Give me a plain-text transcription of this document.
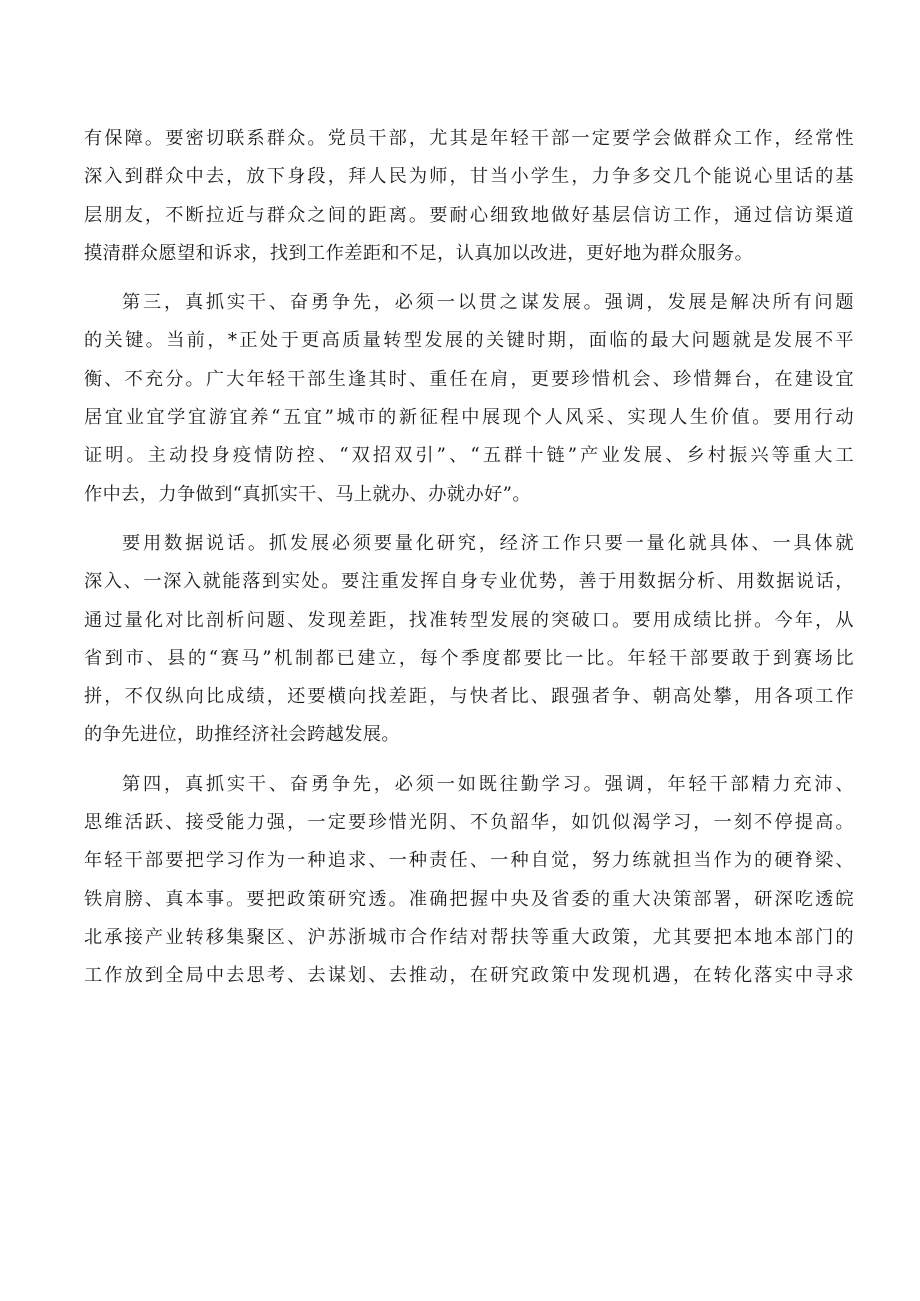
有保障。要密切联系群众。党员干部，尤其是年轻干部一定要学会做群众工作，经常性
深入到群众中去，放下身段，拜人民为师，甘当小学生，力争多交几个能说心里话的基
层朋友，不断拉近与群众之间的距离。要耐心细致地做好基层信访工作，通过信访渠道
摸清群众愿望和诉求，找到工作差距和不足，认真加以改进，更好地为群众服务。
第三，真抓实干、奋勇争先，必须一以贯之谋发展。强调，发展是解决所有问题
的关键。当前，*正处于更高质量转型发展的关键时期，面临的最大问题就是发展不平
衡、不充分。广大年轻干部生逢其时、重任在肩，更要珍惜机会、珍惜舞台，在建设宜
居宜业宜学宜游宜养“五宜”城市的新征程中展现个人风采、实现人生价值。要用行动
证明。主动投身疫情防控、“双招双引”、“五群十链”产业发展、乡村振兴等重大工
作中去，力争做到“真抓实干、马上就办、办就办好”。
要用数据说话。抓发展必须要量化研究，经济工作只要一量化就具体、一具体就
深入、一深入就能落到实处。要注重发挥自身专业优势，善于用数据分析、用数据说话，
通过量化对比剖析问题、发现差距，找准转型发展的突破口。要用成绩比拼。今年，从
省到市、县的“赛马”机制都已建立，每个季度都要比一比。年轻干部要敢于到赛场比
拼，不仅纵向比成绩，还要横向找差距，与快者比、跟强者争、朝高处攀，用各项工作
的争先进位，助推经济社会跨越发展。
第四，真抓实干、奋勇争先，必须一如既往勤学习。强调，年轻干部精力充沛、
思维活跃、接受能力强，一定要珍惜光阴、不负韶华，如饥似渴学习，一刻不停提高。
年轻干部要把学习作为一种追求、一种责任、一种自觉，努力练就担当作为的硬脊梁、
铁肩膀、真本事。要把政策研究透。准确把握中央及省委的重大决策部署，研深吃透皖
北承接产业转移集聚区、沪苏浙城市合作结对帮扶等重大政策，尤其要把本地本部门的
工作放到全局中去思考、去谋划、去推动，在研究政策中发现机遇，在转化落实中寻求
